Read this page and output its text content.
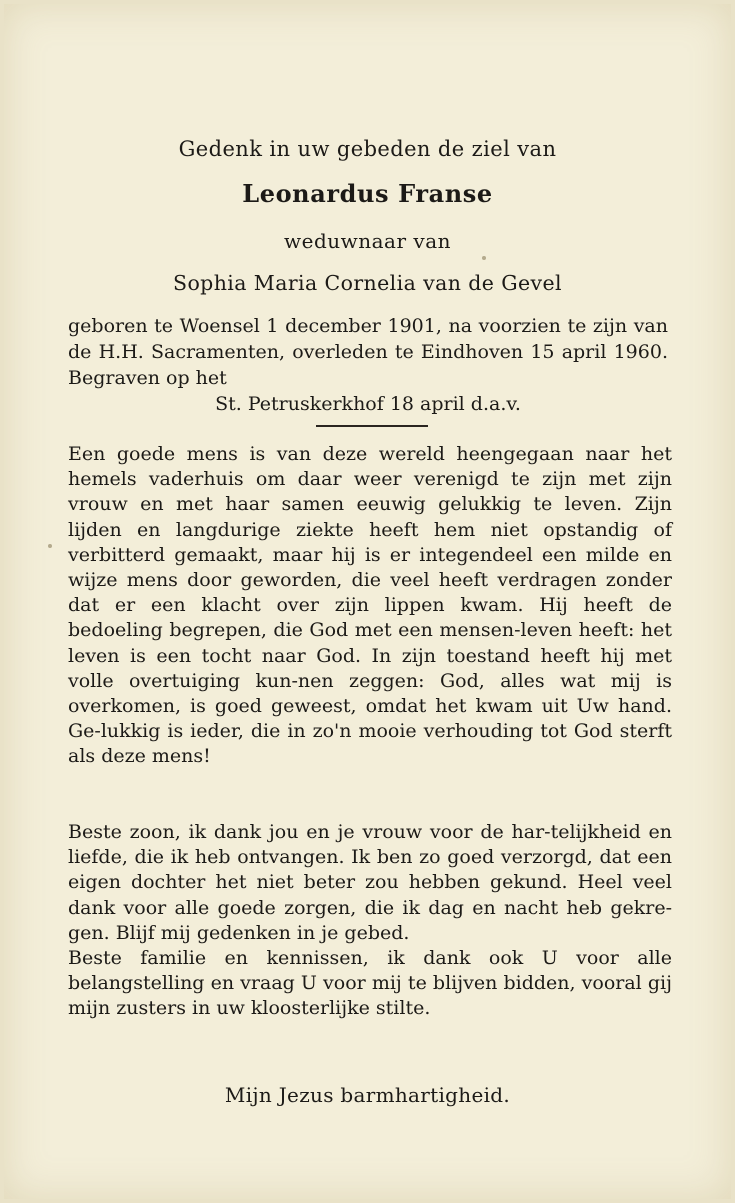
Gedenk in uw gebeden de ziel van
Leonardus Franse
weduwnaar van
Sophia Maria Cornelia van de Gevel
geboren te Woensel 1 december 1901, na voorzien te zijn van de H.H. Sacramenten, overleden te Eindhoven 15 april 1960. Begraven op het
St. Petruskerkhof 18 april d.a.v.

Een goede mens is van deze wereld heengegaan naar het hemels vaderhuis om daar weer verenigd te zijn met zijn vrouw en met haar samen eeuwig gelukkig te leven. Zijn lijden en langdurige ziekte heeft hem niet opstandig of verbitterd gemaakt, maar hij is er integendeel een milde en wijze mens door geworden, die veel heeft verdragen zonder dat er een klacht over zijn lippen kwam. Hij heeft de bedoeling begrepen, die God met een mensen-leven heeft: het leven is een tocht naar God. In zijn toestand heeft hij met volle overtuiging kun-nen zeggen: God, alles wat mij is overkomen, is goed geweest, omdat het kwam uit Uw hand. Ge-lukkig is ieder, die in zo'n mooie verhouding tot God sterft als deze mens!

Beste zoon, ik dank jou en je vrouw voor de har-telijkheid en liefde, die ik heb ontvangen. Ik ben zo goed verzorgd, dat een eigen dochter het niet beter zou hebben gekund. Heel veel dank voor alle goede zorgen, die ik dag en nacht heb gekre-gen. Blijf mij gedenken in je gebed.

Beste familie en kennissen, ik dank ook U voor alle belangstelling en vraag U voor mij te blijven bidden, vooral gij mijn zusters in uw kloosterlijke stilte.

Mijn Jezus barmhartigheid.
